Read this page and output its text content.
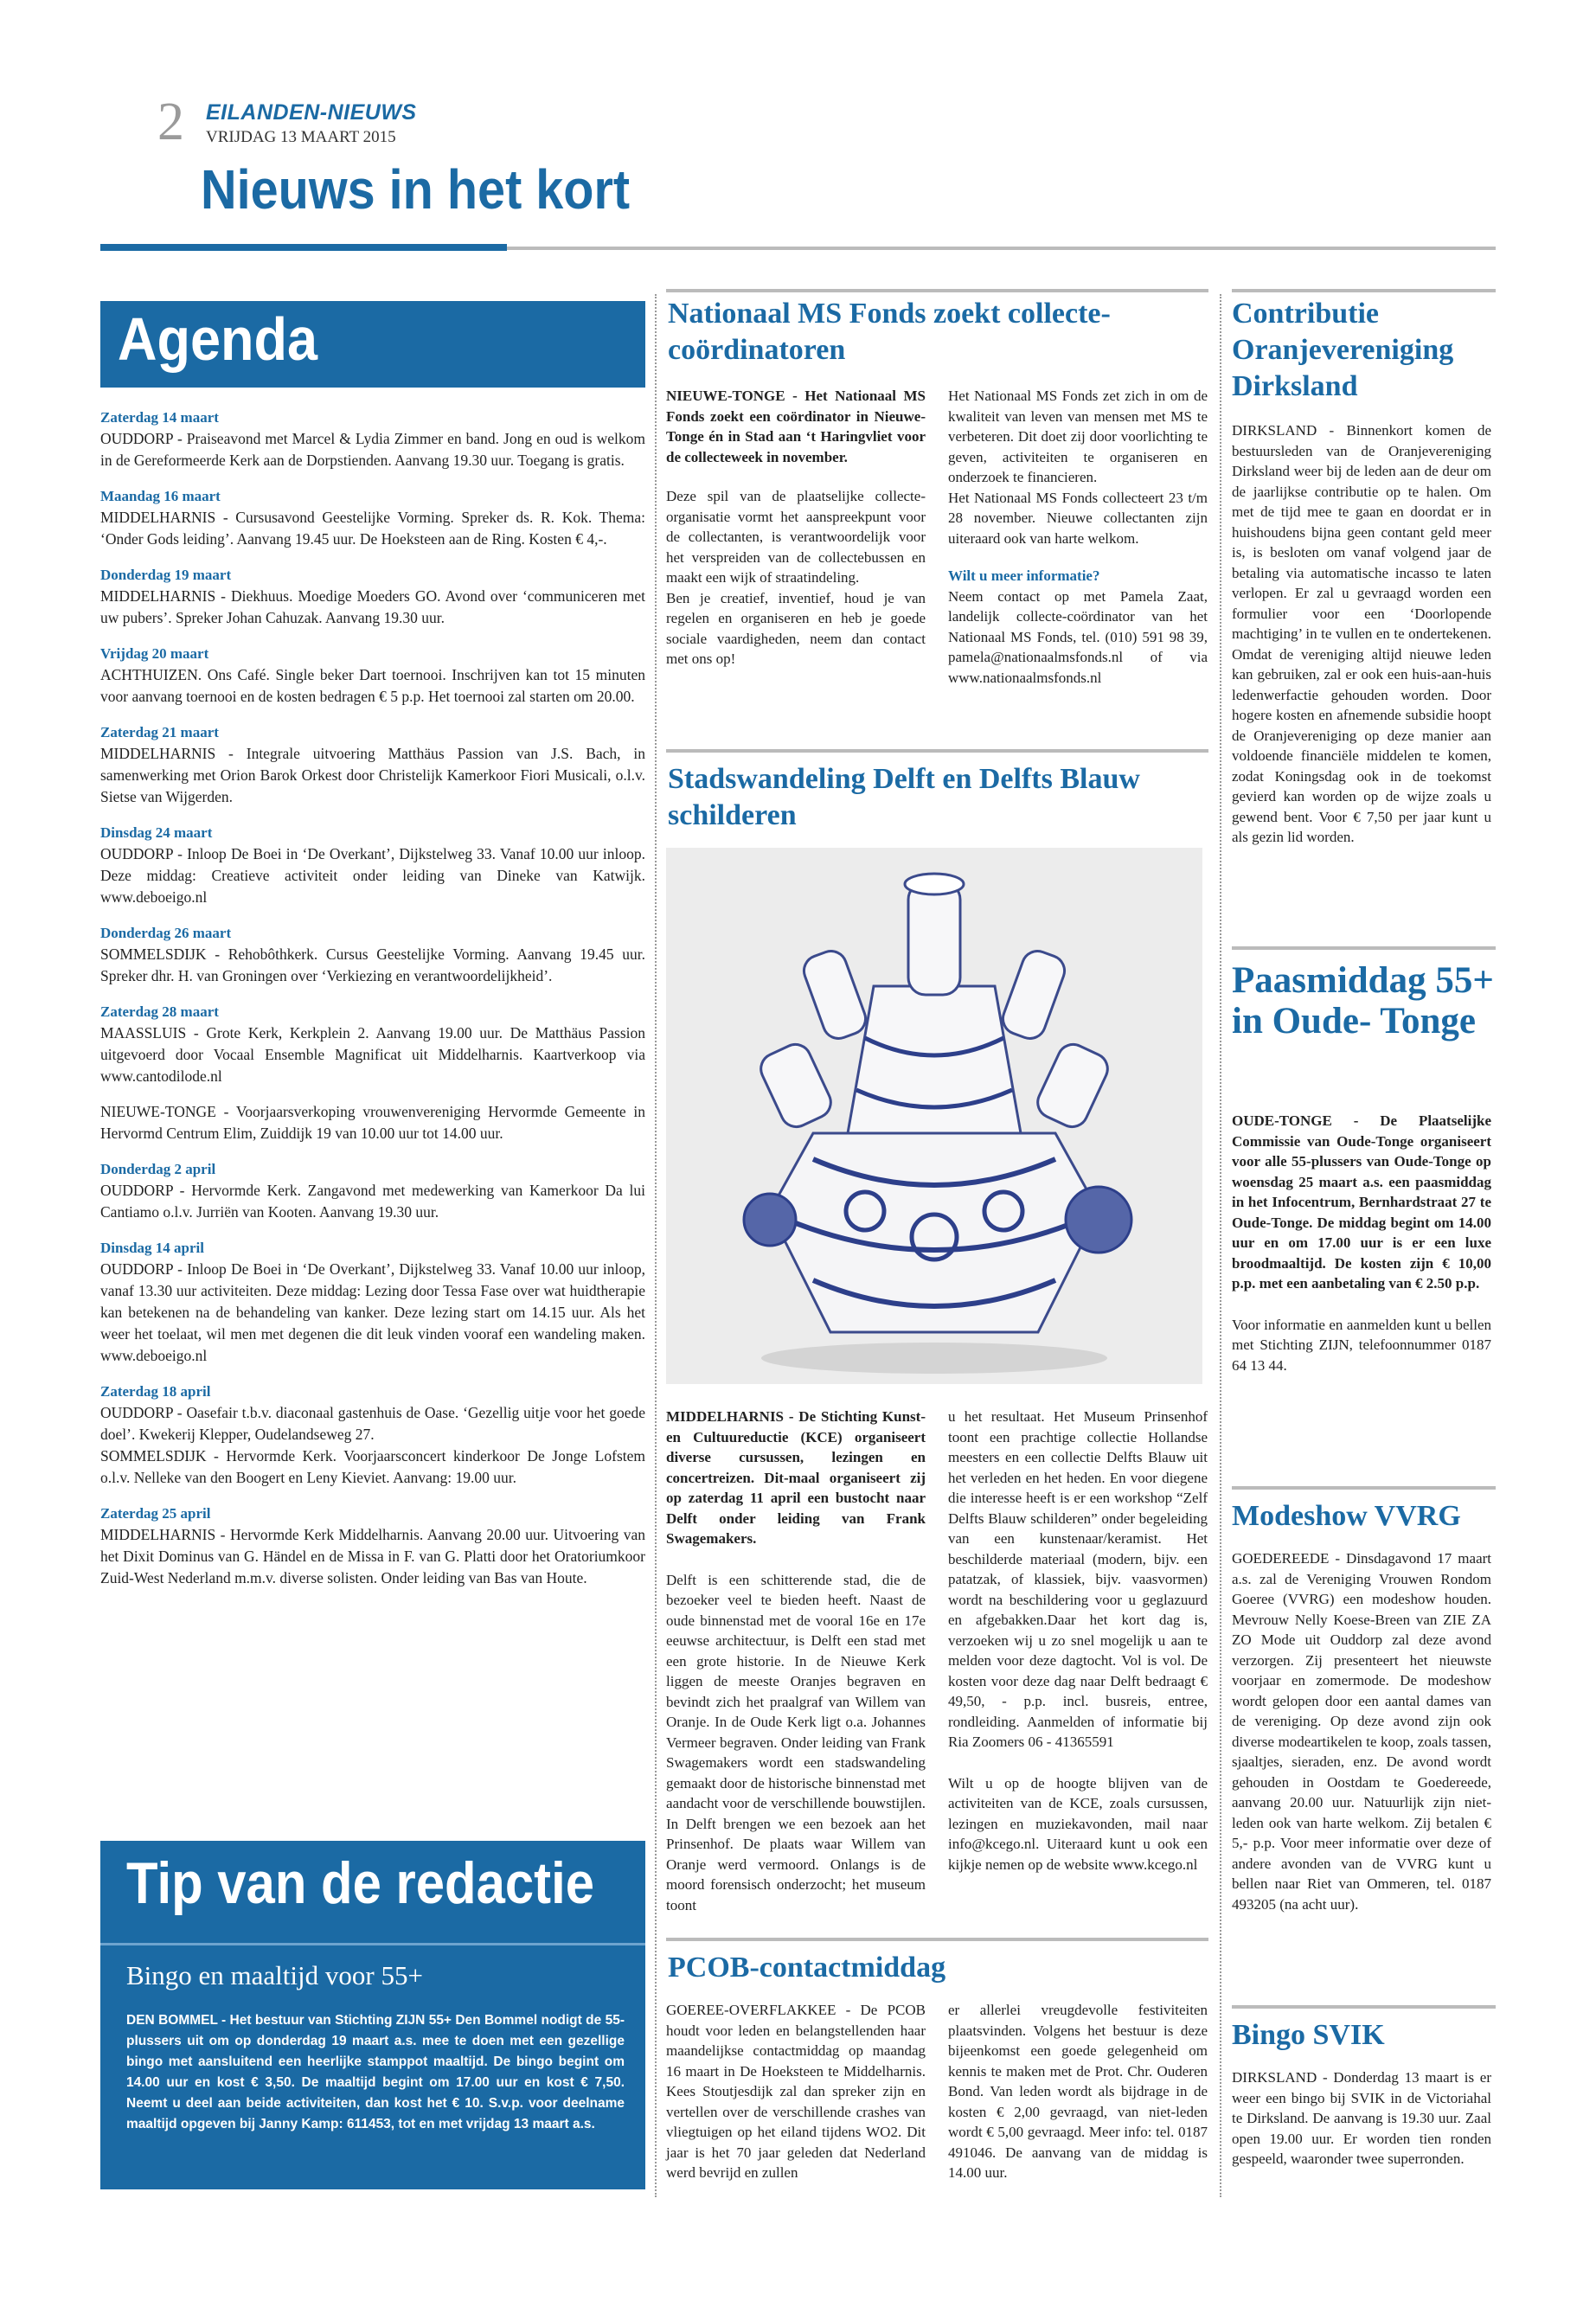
2 EILANDEN-NIEUWS
VRIJDAG 13 MAART 2015
Nieuws in het kort
Agenda
Zaterdag 14 maart
OUDDORP - Praiseavond met Marcel & Lydia Zimmer en band. Jong en oud is welkom in de Gereformeerde Kerk aan de Dorpstienden. Aanvang 19.30 uur. Toegang is gratis.
Maandag 16 maart
MIDDELHARNIS - Cursusavond Geestelijke Vorming. Spreker ds. R. Kok. Thema: ‘Onder Gods leiding’. Aanvang 19.45 uur. De Hoeksteen aan de Ring. Kosten € 4,-.
Donderdag 19 maart
MIDDELHARNIS - Diekhuus. Moedige Moeders GO. Avond over ‘communiceren met uw pubers’. Spreker Johan Cahuzak. Aanvang 19.30 uur.
Vrijdag 20 maart
ACHTHUIZEN. Ons Café. Single beker Dart toernooi. Inschrijven kan tot 15 minuten voor aanvang toernooi en de kosten bedragen € 5 p.p. Het toernooi zal starten om 20.00.
Zaterdag 21 maart
MIDDELHARNIS - Integrale uitvoering Matthäus Passion van J.S. Bach, in samenwerking met Orion Barok Orkest door Christelijk Kamerkoor Fiori Musicali, o.l.v. Sietse van Wijgerden.
Dinsdag 24 maart
OUDDORP - Inloop De Boei in ‘De Overkant’, Dijkstelweg 33. Vanaf 10.00 uur inloop. Deze middag: Creatieve activiteit onder leiding van Dineke van Katwijk. www.deboeigo.nl
Donderdag 26 maart
SOMMELSDIJK - Rehobôthkerk. Cursus Geestelijke Vorming. Aanvang 19.45 uur. Spreker dhr. H. van Groningen over ‘Verkiezing en verantwoordelijkheid’.
Zaterdag 28 maart
MAASSLUIS - Grote Kerk, Kerkplein 2. Aanvang 19.00 uur. De Matthäus Passion uitgevoerd door Vocaal Ensemble Magnificat uit Middelharnis. Kaartverkoop via www.cantodilode.nl
NIEUWE-TONGE - Voorjaarsverkoping vrouwenvereniging Hervormde Gemeente in Hervormd Centrum Elim, Zuiddijk 19 van 10.00 uur tot 14.00 uur.
Donderdag 2 april
OUDDORP - Hervormde Kerk. Zangavond met medewerking van Kamerkoor Da lui Cantiamo o.l.v. Jurriën van Kooten. Aanvang 19.30 uur.
Dinsdag 14 april
OUDDORP - Inloop De Boei in ‘De Overkant’, Dijkstelweg 33. Vanaf 10.00 uur inloop, vanaf 13.30 uur activiteiten. Deze middag: Lezing door Tessa Fase over wat huidtherapie kan betekenen na de behandeling van kanker. Deze lezing start om 14.15 uur. Als het weer het toelaat, wil men met degenen die dit leuk vinden vooraf een wandeling maken. www.deboeigo.nl
Zaterdag 18 april
OUDDORP - Oasefair t.b.v. diaconaal gastenhuis de Oase. ‘Gezellig uitje voor het goede doel’. Kwekerij Klepper, Oudelandseweg 27.
SOMMELSDIJK - Hervormde Kerk. Voorjaarsconcert kinderkoor De Jonge Lofstem o.l.v. Nelleke van den Boogert en Leny Kieviet. Aanvang: 19.00 uur.
Zaterdag 25 april
MIDDELHARNIS - Hervormde Kerk Middelharnis. Aanvang 20.00 uur. Uitvoering van het Dixit Dominus van G. Händel en de Missa in F. van G. Platti door het Oratoriumkoor Zuid-West Nederland m.m.v. diverse solisten. Onder leiding van Bas van Houte.
Tip van de redactie
Bingo en maaltijd voor 55+
DEN BOMMEL - Het bestuur van Stichting ZIJN 55+ Den Bommel nodigt de 55-plussers uit om op donderdag 19 maart a.s. mee te doen met een gezellige bingo met aansluitend een heerlijke stamppot maaltijd. De bingo begint om 14.00 uur en kost € 3,50. De maaltijd begint om 17.00 uur en kost € 7,50. Neemt u deel aan beide activiteiten, dan kost het € 10. S.v.p. voor deelname maaltijd opgeven bij Janny Kamp: 611453, tot en met vrijdag 13 maart a.s.
Nationaal MS Fonds zoekt collecte-coördinatoren

NIEUWE-TONGE - Het Nationaal MS Fonds zoekt een coördinator in Nieuwe-Tonge én in Stad aan ‘t Haringvliet voor de collecteweek in november.

Deze spil van de plaatselijke collecte-organisatie vormt het aanspreekpunt voor de collectanten, is verantwoordelijk voor het verspreiden van de collectebussen en maakt een wijk of straatindeling.
Ben je creatief, inventief, houd je van regelen en organiseren en heb je goede sociale vaardigheden, neem dan contact met ons op!

Het Nationaal MS Fonds zet zich in om de kwaliteit van leven van mensen met MS te verbeteren. Dit doet zij door voorlichting te geven, activiteiten te organiseren en onderzoek te financieren.
Het Nationaal MS Fonds collecteert 23 t/m 28 november. Nieuwe collectanten zijn uiteraard ook van harte welkom.

Wilt u meer informatie?

Neem contact op met Pamela Zaat, landelijk collecte-coördinator van het Nationaal MS Fonds, tel. (010) 591 98 39, pamela@nationaalmsfonds.nl of via www.nationaalmsfonds.nl

Stadswandeling Delft en Delfts Blauw schilderen

MIDDELHARNIS - De Stichting Kunst- en Cultuureductie (KCE) organiseert diverse cursussen, lezingen en concertreizen. Dit-maal organiseert zij op zaterdag 11 april een bustocht naar Delft onder leiding van Frank Swagemakers.

Delft is een schitterende stad, die de bezoeker veel te bieden heeft. Naast de oude binnenstad met de vooral 16e en 17e eeuwse architectuur, is Delft een stad met een grote historie. In de Nieuwe Kerk liggen de meeste Oranjes begraven en bevindt zich het praalgraf van Willem van Oranje. In de Oude Kerk ligt o.a. Johannes Vermeer begraven. Onder leiding van Frank Swagemakers wordt een stadswandeling gemaakt door de historische binnenstad met aandacht voor de verschillende bouwstijlen. In Delft brengen we een bezoek aan het Prinsenhof. De plaats waar Willem van Oranje werd vermoord. Onlangs is de moord forensisch onderzocht; het museum toont

u het resultaat. Het Museum Prinsenhof toont een prachtige collectie Hollandse meesters en een collectie Delfts Blauw uit het verleden en het heden. En voor diegene die interesse heeft is er een workshop “Zelf Delfts Blauw schilderen” onder begeleiding van een kunstenaar/keramist. Het beschilderde materiaal (modern, bijv. een patatzak, of klassiek, bijv. vaasvormen) wordt na beschildering voor u geglazuurd en afgebakken.Daar het kort dag is, verzoeken wij u zo snel mogelijk u aan te melden voor deze dagtocht. Vol is vol. De kosten voor deze dag naar Delft bedraagt € 49,50, - p.p. incl. busreis, entree, rondleiding. Aanmelden of informatie bij Ria Zoomers 06 - 41365591

Wilt u op de hoogte blijven van de activiteiten van de KCE, zoals cursussen, lezingen en muziekavonden, mail naar info@kcego.nl. Uiteraard kunt u ook een kijkje nemen op de website www.kcego.nl

PCOB-contactmiddag

GOEREE-OVERFLAKKEE - De PCOB houdt voor leden en belangstellenden haar maandelijkse contactmiddag op maandag 16 maart in De Hoeksteen te Middelharnis. Kees Stoutjesdijk zal dan spreker zijn en vertellen over de verschillende crashes van vliegtuigen op het eiland tijdens WO2. Dit jaar is het 70 jaar geleden dat Nederland werd bevrijd en zullen

er allerlei vreugdevolle festiviteiten plaatsvinden. Volgens het bestuur is deze bijeenkomst een goede gelegenheid om kennis te maken met de Prot. Chr. Ouderen Bond. Van leden wordt als bijdrage in de kosten € 2,00 gevraagd, van niet-leden wordt € 5,00 gevraagd. Meer info: tel. 0187 491046. De aanvang van de middag is 14.00 uur.

Contributie Oranjevereniging Dirksland

DIRKSLAND - Binnenkort komen de bestuursleden van de Oranjevereniging Dirksland weer bij de leden aan de deur om de jaarlijkse contributie op te halen. Om met de tijd mee te gaan en doordat er in huishoudens bijna geen contant geld meer is, is besloten om vanaf volgend jaar de betaling via automatische incasso te laten verlopen. Er zal u gevraagd worden een formulier voor een ‘Doorlopende machtiging’ in te vullen en te ondertekenen. Omdat de vereniging altijd nieuwe leden kan gebruiken, zal er ook een huis-aan-huis ledenwerfactie gehouden worden. Door hogere kosten en afnemende subsidie hoopt de Oranjevereniging op deze manier aan voldoende financiële middelen te komen, zodat Koningsdag ook in de toekomst gevierd kan worden op de wijze zoals u gewend bent. Voor € 7,50 per jaar kunt u als gezin lid worden.

Paasmiddag 55+ in Oude- Tonge

OUDE-TONGE - De Plaatselijke Commissie van Oude-Tonge organiseert voor alle 55-plussers van Oude-Tonge op woensdag 25 maart a.s. een paasmiddag in het Infocentrum, Bernhardstraat 27 te Oude-Tonge. De middag begint om 14.00 uur en om 17.00 uur is er een luxe broodmaaltijd. De kosten zijn € 10,00 p.p. met een aanbetaling van € 2.50 p.p.

Voor informatie en aanmelden kunt u bellen met Stichting ZIJN, telefoonnummer 0187 64 13 44.

Modeshow VVRG

GOEDEREEDE - Dinsdagavond 17 maart a.s. zal de Vereniging Vrouwen Rondom Goeree (VVRG) een modeshow houden. Mevrouw Nelly Koese-Breen van ZIE ZA ZO Mode uit Ouddorp zal deze avond verzorgen. Zij presenteert het nieuwste voorjaar en zomermode. De modeshow wordt gelopen door een aantal dames van de vereniging. Op deze avond zijn ook diverse modeartikelen te koop, zoals tassen, sjaaltjes, sieraden, enz. De avond wordt gehouden in Oostdam te Goedereede, aanvang 20.00 uur. Natuurlijk zijn niet-leden ook van harte welkom. Zij betalen € 5,- p.p. Voor meer informatie over deze of andere avonden van de VVRG kunt u bellen naar Riet van Ommeren, tel. 0187 493205 (na acht uur).

Bingo SVIK

DIRKSLAND - Donderdag 13 maart is er weer een bingo bij SVIK in de Victoriahal te Dirksland. De aanvang is 19.30 uur. Zaal open 19.00 uur. Er worden tien ronden gespeeld, waaronder twee superronden.
